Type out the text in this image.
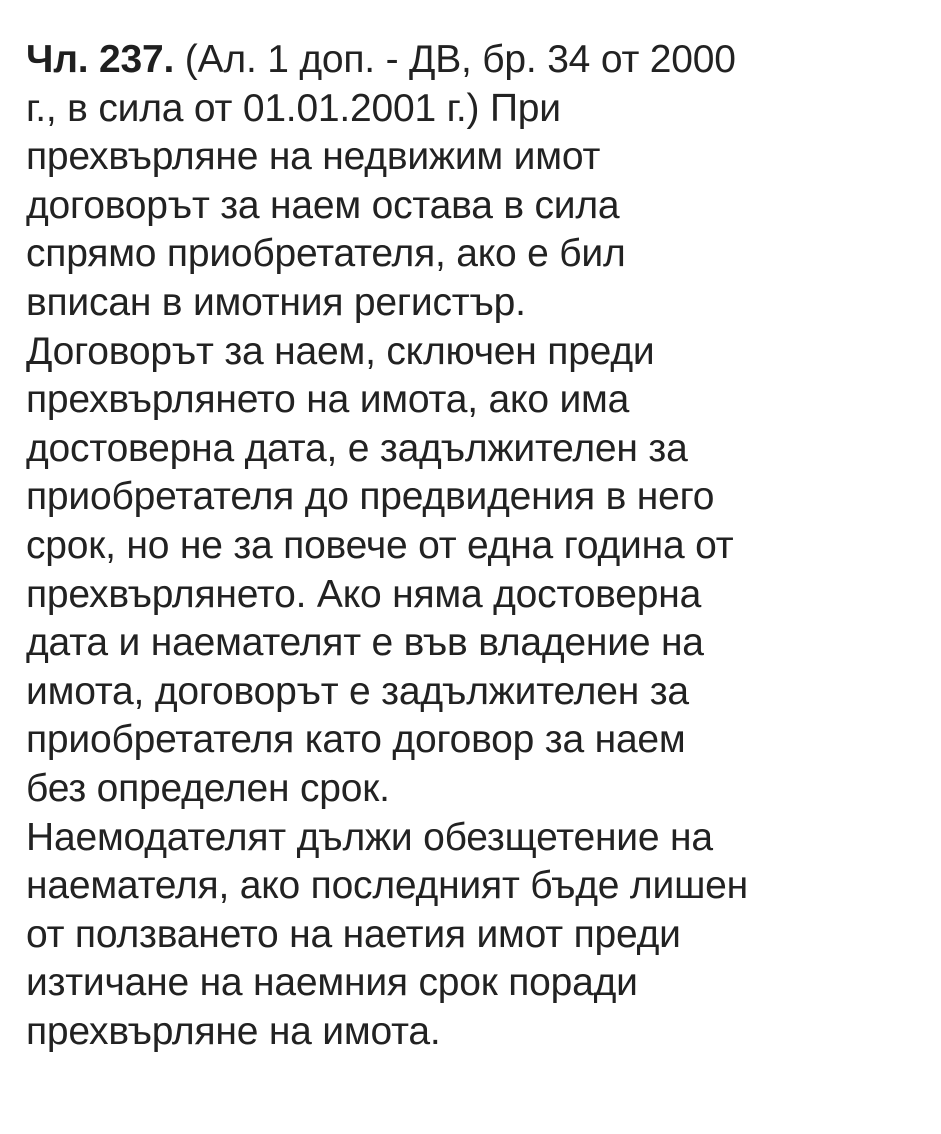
Чл. 237. (Ал. 1 доп. - ДВ, бр. 34 от 2000
г., в сила от 01.01.2001 г.) При
прехвърляне на недвижим имот
договорът за наем остава в сила
спрямо приобретателя, ако е бил
вписан в имотния регистър.
Договорът за наем, сключен преди
прехвърлянето на имота, ако има
достоверна дата, е задължителен за
приобретателя до предвидения в него
срок, но не за повече от една година от
прехвърлянето. Ако няма достоверна
дата и наемателят е във владение на
имота, договорът е задължителен за
приобретателя като договор за наем
без определен срок.
Наемодателят дължи обезщетение на
наемателя, ако последният бъде лишен
от ползването на наетия имот преди
изтичане на наемния срок поради
прехвърляне на имота.
